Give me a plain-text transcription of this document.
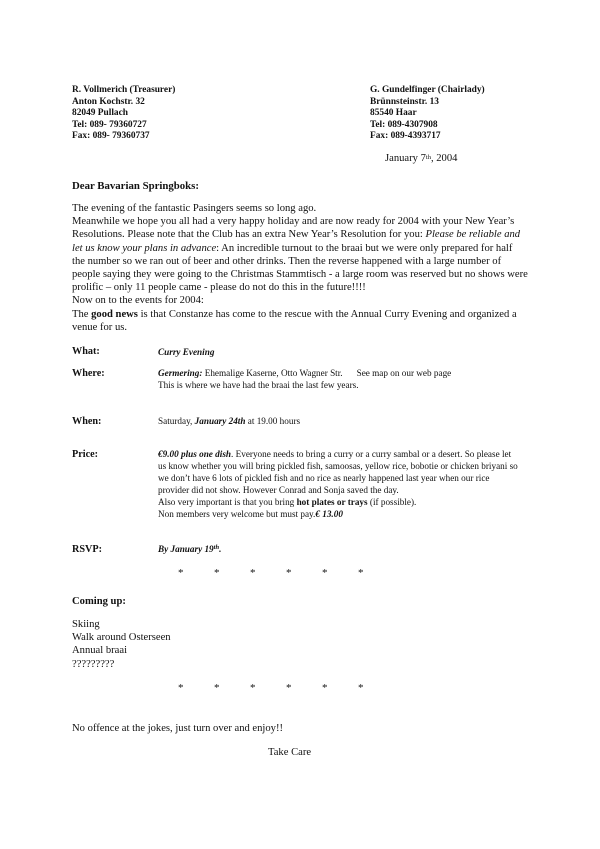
R. Vollmerich (Treasurer)
Anton Kochstr. 32
82049 Pullach
Tel: 089- 79360727
Fax: 089- 79360737
G. Gundelfinger (Chairlady)
Brünnsteinstr. 13
85540 Haar
Tel: 089-4307908
Fax: 089-4393717
January 7th, 2004
Dear Bavarian Springboks:
The evening of the fantastic Pasingers seems so long ago.
Meanwhile we hope you all had a very happy holiday and are now ready for 2004 with your New Year’s
Resolutions. Please note that the Club has an extra New Year’s Resolution for you: Please be reliable and
let us know your plans in advance: An incredible turnout to the braai but we were only prepared for half
the number so we ran out of beer and other drinks. Then the reverse happened with a large number of
people saying they were going to the Christmas Stammtisch - a large room was reserved but no shows were
prolific – only 11 people came - please do not do this in the future!!!!
Now on to the events for 2004:
The good news is that Constanze has come to the rescue with the Annual Curry Evening and organized a
venue for us.
What:	Curry Evening
Where:	Germering: Ehemalige Kaserne, Otto Wagner Str. See map on our web page
This is where we have had the braai the last few years.
When:	Saturday, January 24th at 19.00 hours
Price:	€9.00 plus one dish. Everyone needs to bring a curry or a curry sambal or a desert. So please let
us know whether you will bring pickled fish, samoosas, yellow rice, bobotie or chicken briyani so
we don’t have 6 lots of pickled fish and no rice as nearly happened last year when our rice
provider did not show. However Conrad and Sonja saved the day.
Also very important is that you bring hot plates or trays (if possible).
Non members very welcome but must pay.€ 13.00
RSVP:	By January 19th.
*	*	*	*	*	*
Coming up:
Skiing
Walk around Osterseen
Annual braai
?????????
*	*	*	*	*	*
No offence at the jokes, just turn over and enjoy!!
Take Care
